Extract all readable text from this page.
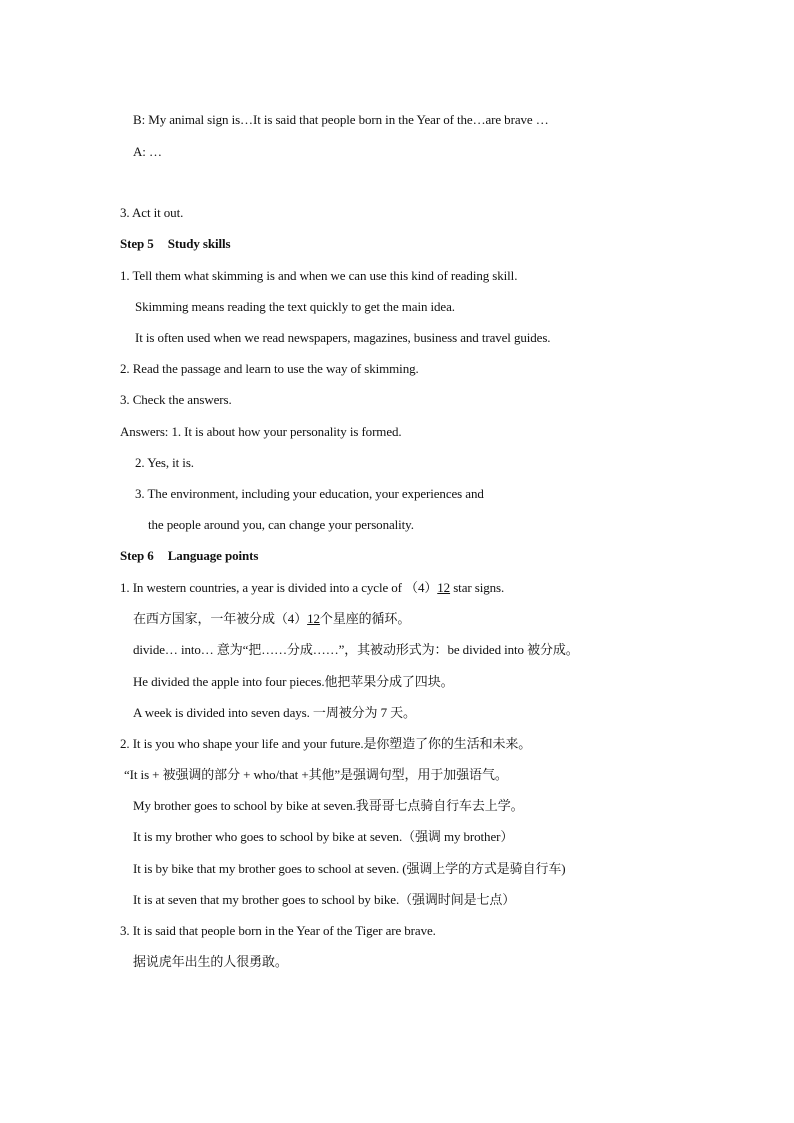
B: My animal sign is…It is said that people born in the Year of the…are brave …
A: …
3. Act it out.
Step 5 Study skills
1. Tell them what skimming is and when we can use this kind of reading skill.
Skimming means reading the text quickly to get the main idea.
It is often used when we read newspapers, magazines, business and travel guides.
2. Read the passage and learn to use the way of skimming.
3. Check the answers.
Answers: 1. It is about how your personality is formed.
2. Yes, it is.
3. The environment, including your education, your experiences and
the people around you, can change your personality.
Step 6 Language points
1. In western countries, a year is divided into a cycle of （4）12 star signs.
在西方国家，一年被分成（4）12个星座的循环。
divide… into… 意为“把……分成……”，其被动形式为：be divided into 被分成。
He divided the apple into four pieces.他把苹果分成了四块。
A week is divided into seven days. 一周被分为 7 天。
2. It is you who shape your life and your future.是你塑造了你的生活和未来。
“It is + 被强调的部分 + who/that +其他”是强调句型，用于加强语气。
My brother goes to school by bike at seven.我哥哥七点骑自行车去上学。
It is my brother who goes to school by bike at seven.（强调 my brother）
It is by bike that my brother goes to school at seven. (强调上学的方式是骑自行车)
It is at seven that my brother goes to school by bike.（强调时间是七点）
3. It is said that people born in the Year of the Tiger are brave.
据说虎年出生的人很勇敢。
